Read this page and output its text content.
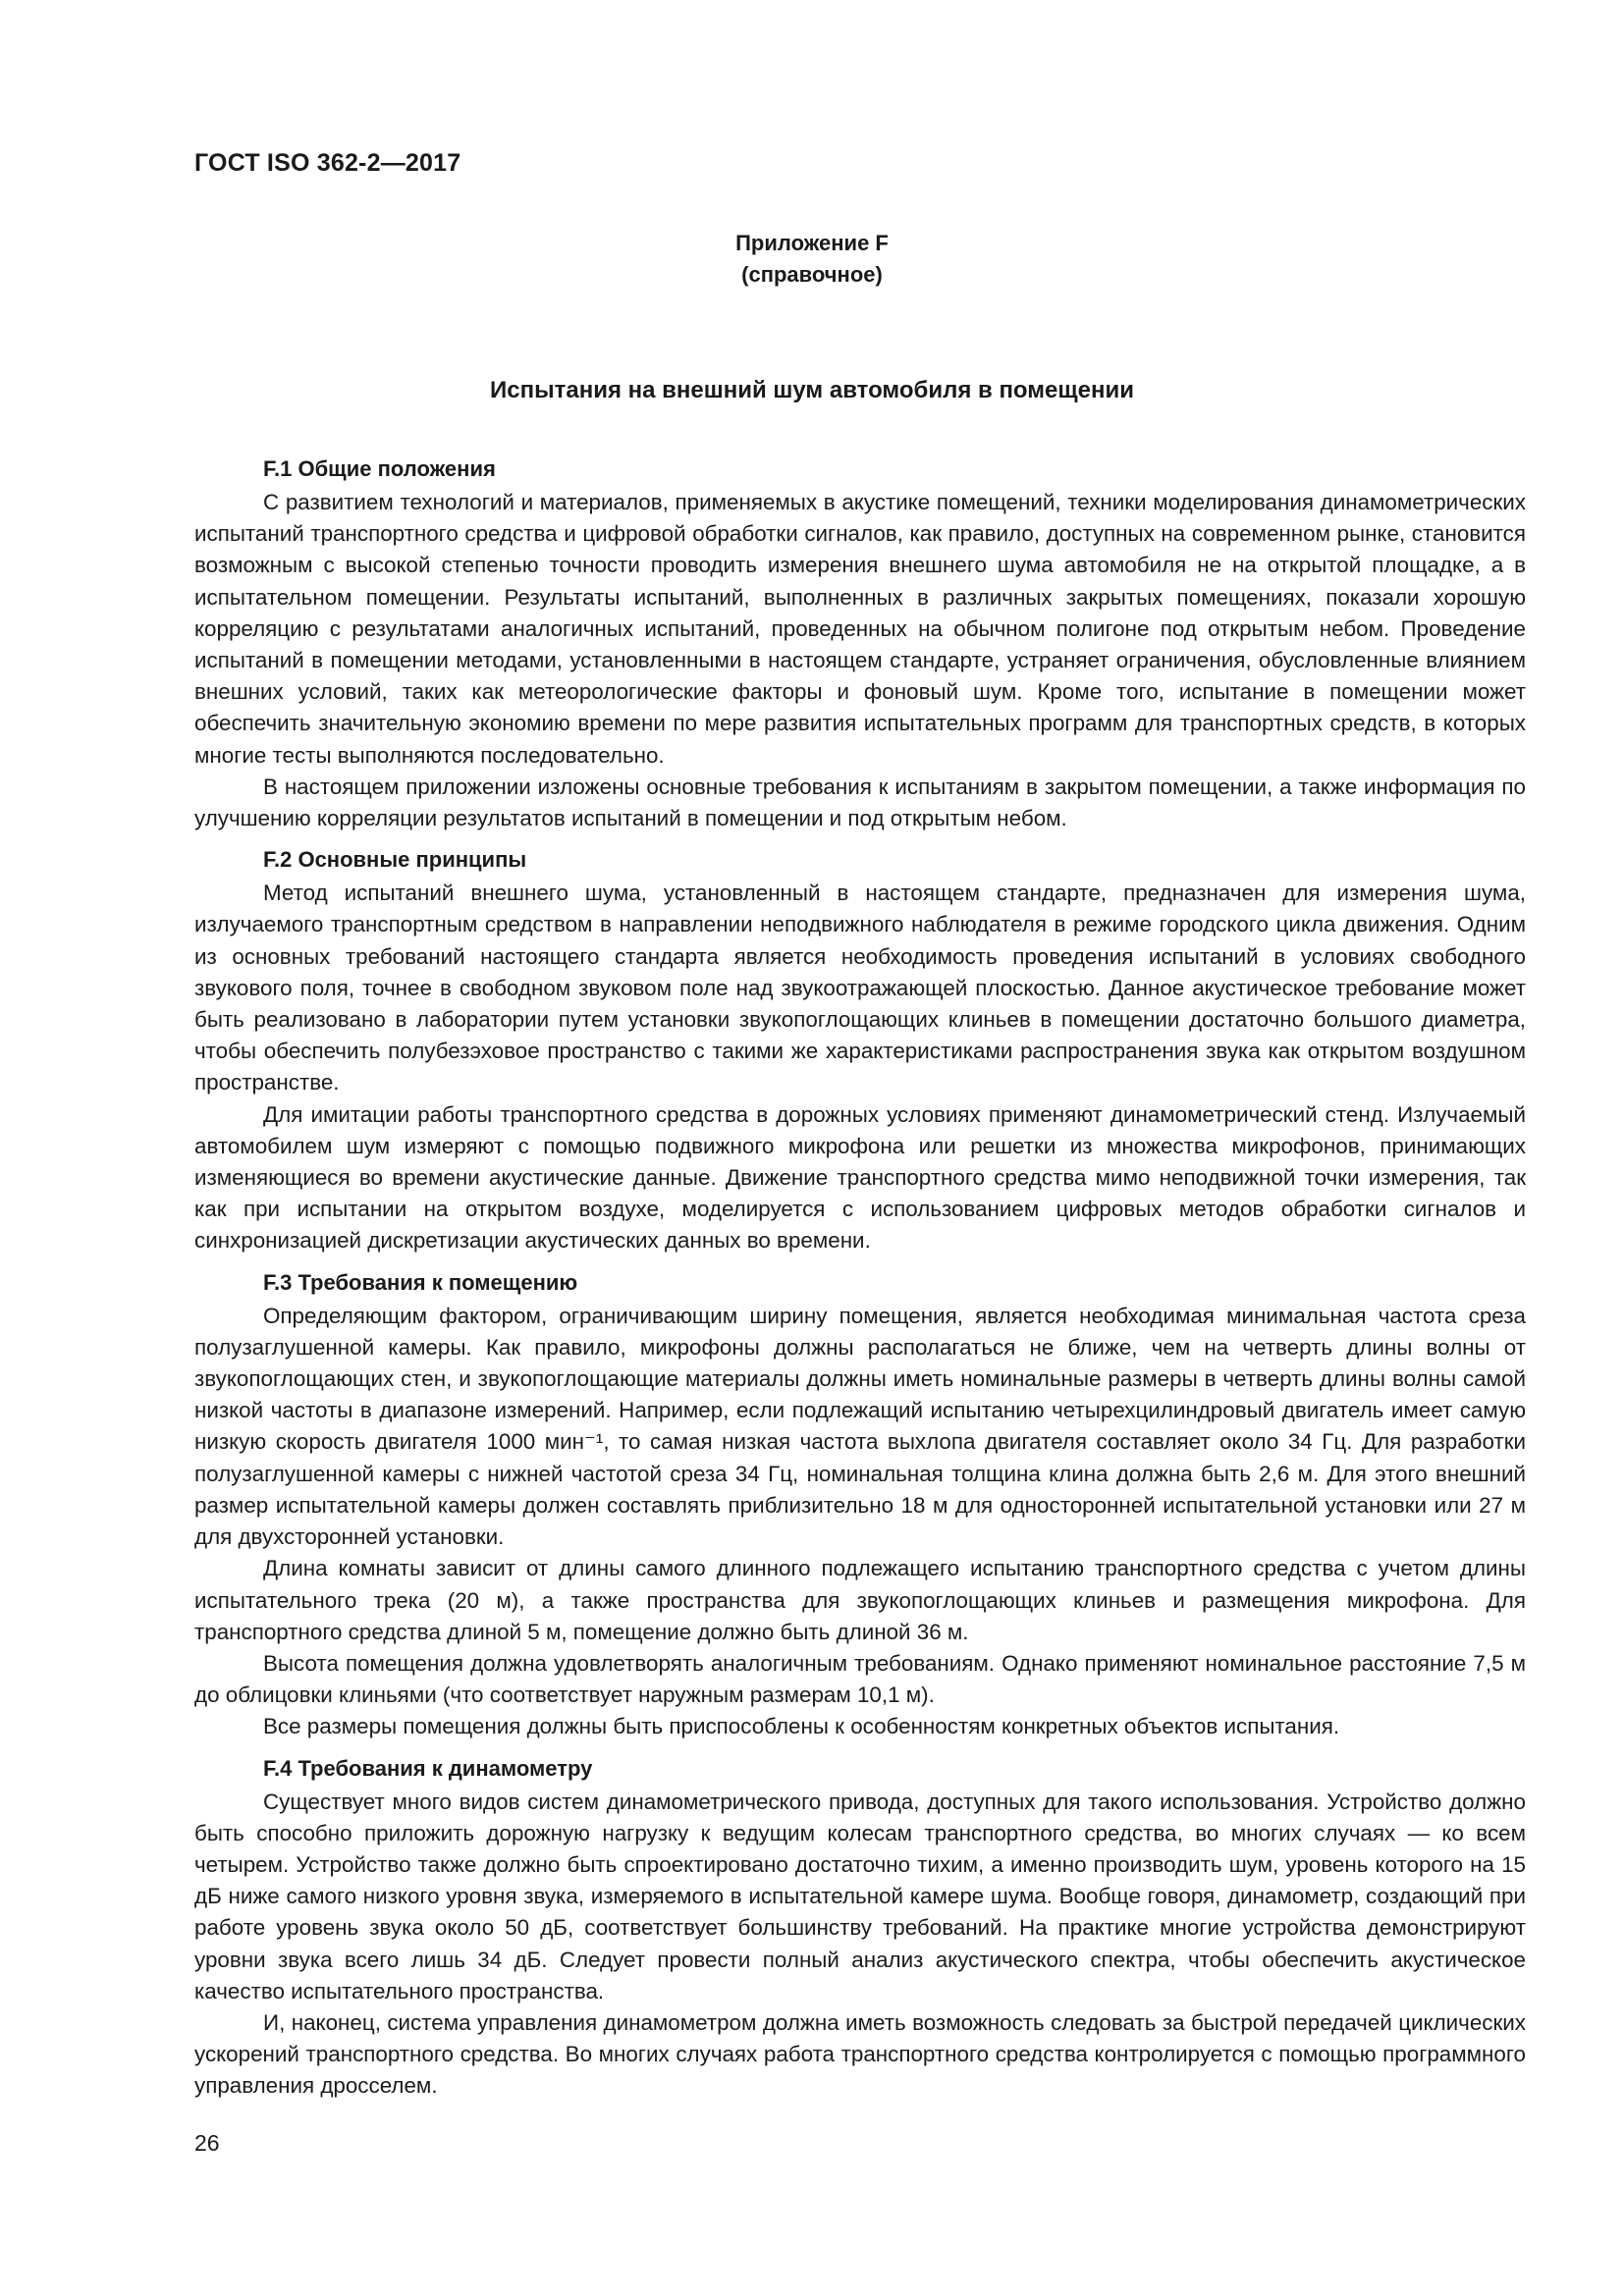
ГОСТ ISO 362-2—2017
Приложение F
(справочное)
Испытания на внешний шум автомобиля в помещении
F.1 Общие положения

С развитием технологий и материалов, применяемых в акустике помещений, техники моделирования динамометрических испытаний транспортного средства и цифровой обработки сигналов, как правило, доступных на современном рынке, становится возможным с высокой степенью точности проводить измерения внешнего шума автомобиля не на открытой площадке, а в испытательном помещении. Результаты испытаний, выполненных в различных закрытых помещениях, показали хорошую корреляцию с результатами аналогичных испытаний, проведенных на обычном полигоне под открытым небом. Проведение испытаний в помещении методами, установленными в настоящем стандарте, устраняет ограничения, обусловленные влиянием внешних условий, таких как метеорологические факторы и фоновый шум. Кроме того, испытание в помещении может обеспечить значительную экономию времени по мере развития испытательных программ для транспортных средств, в которых многие тесты выполняются последовательно.

В настоящем приложении изложены основные требования к испытаниям в закрытом помещении, а также информация по улучшению корреляции результатов испытаний в помещении и под открытым небом.

F.2 Основные принципы

Метод испытаний внешнего шума, установленный в настоящем стандарте, предназначен для измерения шума, излучаемого транспортным средством в направлении неподвижного наблюдателя в режиме городского цикла движения. Одним из основных требований настоящего стандарта является необходимость проведения испытаний в условиях свободного звукового поля, точнее в свободном звуковом поле над звукоотражающей плоскостью. Данное акустическое требование может быть реализовано в лаборатории путем установки звукопоглощающих клиньев в помещении достаточно большого диаметра, чтобы обеспечить полубезэховое пространство с такими же характеристиками распространения звука как открытом воздушном пространстве.

Для имитации работы транспортного средства в дорожных условиях применяют динамометрический стенд. Излучаемый автомобилем шум измеряют с помощью подвижного микрофона или решетки из множества микрофонов, принимающих изменяющиеся во времени акустические данные. Движение транспортного средства мимо неподвижной точки измерения, так как при испытании на открытом воздухе, моделируется с использованием цифровых методов обработки сигналов и синхронизацией дискретизации акустических данных во времени.

F.3 Требования к помещению

Определяющим фактором, ограничивающим ширину помещения, является необходимая минимальная частота среза полузаглушенной камеры. Как правило, микрофоны должны располагаться не ближе, чем на четверть длины волны от звукопоглощающих стен, и звукопоглощающие материалы должны иметь номинальные размеры в четверть длины волны самой низкой частоты в диапазоне измерений. Например, если подлежащий испытанию четырехцилиндровый двигатель имеет самую низкую скорость двигателя 1000 мин⁻¹, то самая низкая частота выхлопа двигателя составляет около 34 Гц. Для разработки полузаглушенной камеры с нижней частотой среза 34 Гц, номинальная толщина клина должна быть 2,6 м. Для этого внешний размер испытательной камеры должен составлять приблизительно 18 м для односторонней испытательной установки или 27 м для двухсторонней установки.

Длина комнаты зависит от длины самого длинного подлежащего испытанию транспортного средства с учетом длины испытательного трека (20 м), а также пространства для звукопоглощающих клиньев и размещения микрофона. Для транспортного средства длиной 5 м, помещение должно быть длиной 36 м.

Высота помещения должна удовлетворять аналогичным требованиям. Однако применяют номинальное расстояние 7,5 м до облицовки клиньями (что соответствует наружным размерам 10,1 м).

Все размеры помещения должны быть приспособлены к особенностям конкретных объектов испытания.

F.4 Требования к динамометру

Существует много видов систем динамометрического привода, доступных для такого использования. Устройство должно быть способно приложить дорожную нагрузку к ведущим колесам транспортного средства, во многих случаях — ко всем четырем. Устройство также должно быть спроектировано достаточно тихим, а именно производить шум, уровень которого на 15 дБ ниже самого низкого уровня звука, измеряемого в испытательной камере шума. Вообще говоря, динамометр, создающий при работе уровень звука около 50 дБ, соответствует большинству требований. На практике многие устройства демонстрируют уровни звука всего лишь 34 дБ. Следует провести полный анализ акустического спектра, чтобы обеспечить акустическое качество испытательного пространства.

И, наконец, система управления динамометром должна иметь возможность следовать за быстрой передачей циклических ускорений транспортного средства. Во многих случаях работа транспортного средства контролируется с помощью программного управления дросселем.

26
